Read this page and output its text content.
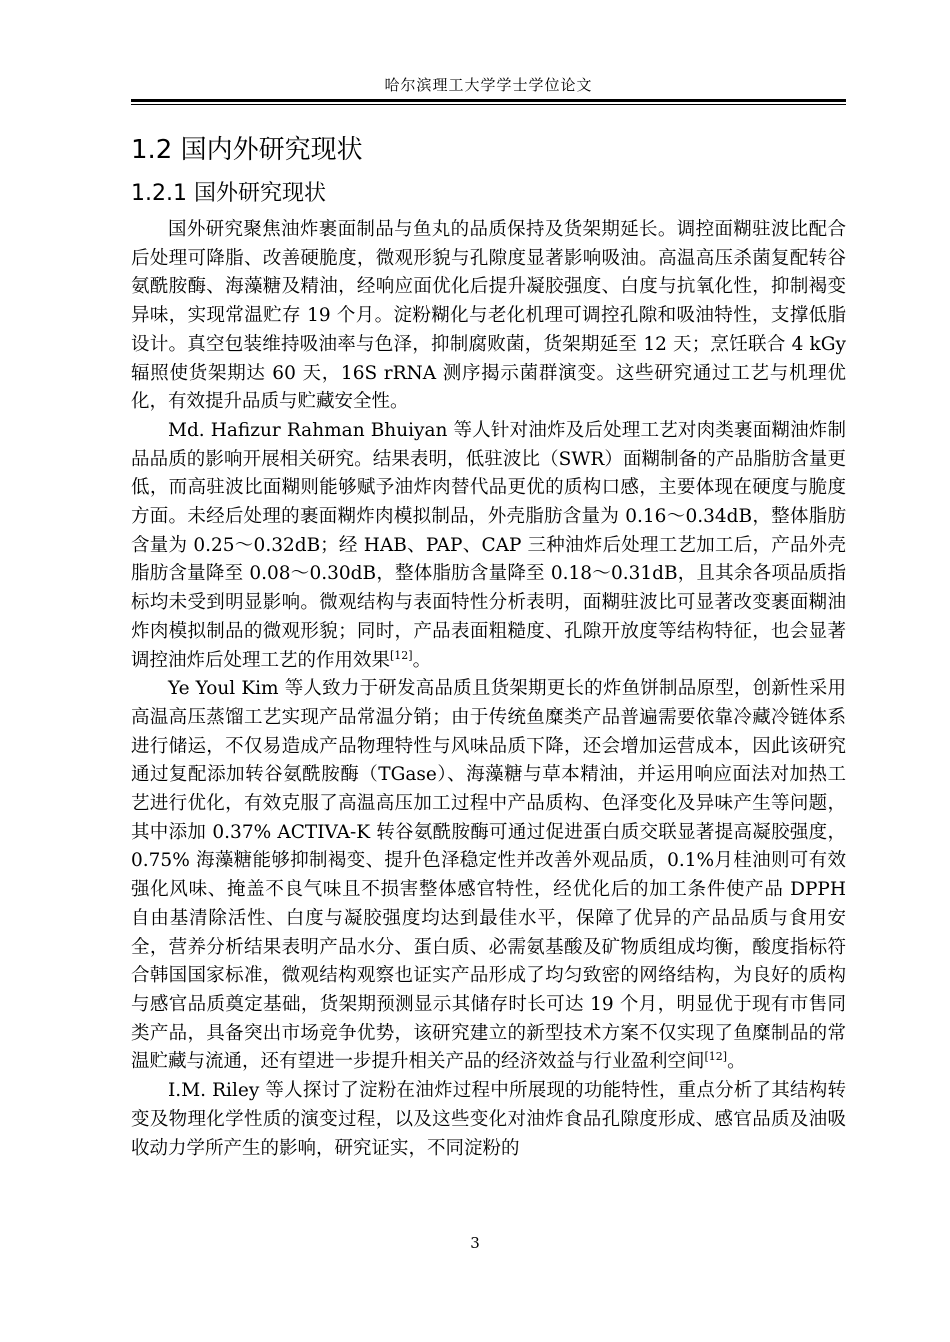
哈尔滨理工大学学士学位论文
1.2 国内外研究现状
1.2.1 国外研究现状

国外研究聚焦油炸裹面制品与鱼丸的品质保持及货架期延长。调控面糊驻波比配合后处理可降脂、改善硬脆度，微观形貌与孔隙度显著影响吸油。高温高压杀菌复配转谷氨酰胺酶、海藻糖及精油，经响应面优化后提升凝胶强度、白度与抗氧化性，抑制褐变异味，实现常温贮存 19 个月。淀粉糊化与老化机理可调控孔隙和吸油特性，支撑低脂设计。真空包装维持吸油率与色泽，抑制腐败菌，货架期延至 12 天；烹饪联合 4 kGy 辐照使货架期达 60 天，16S rRNA 测序揭示菌群演变。这些研究通过工艺与机理优化，有效提升品质与贮藏安全性。

Md. Hafizur Rahman Bhuiyan 等人针对油炸及后处理工艺对肉类裹面糊油炸制品品质的影响开展相关研究。结果表明，低驻波比（SWR）面糊制备的产品脂肪含量更低，而高驻波比面糊则能够赋予油炸肉替代品更优的质构口感，主要体现在硬度与脆度方面。未经后处理的裹面糊炸肉模拟制品，外壳脂肪含量为 0.16～0.34dB，整体脂肪含量为 0.25～0.32dB；经 HAB、PAP、CAP 三种油炸后处理工艺加工后，产品外壳脂肪含量降至 0.08～0.30dB，整体脂肪含量降至 0.18～0.31dB，且其余各项品质指标均未受到明显影响。微观结构与表面特性分析表明，面糊驻波比可显著改变裹面糊油炸肉模拟制品的微观形貌；同时，产品表面粗糙度、孔隙开放度等结构特征，也会显著调控油炸后处理工艺的作用效果[12]。

Ye Youl Kim 等人致力于研发高品质且货架期更长的炸鱼饼制品原型，创新性采用高温高压蒸馏工艺实现产品常温分销；由于传统鱼糜类产品普遍需要依靠冷藏冷链体系进行储运，不仅易造成产品物理特性与风味品质下降，还会增加运营成本，因此该研究通过复配添加转谷氨酰胺酶（TGase）、海藻糖与草本精油，并运用响应面法对加热工艺进行优化，有效克服了高温高压加工过程中产品质构、色泽变化及异味产生等问题，其中添加 0.37% ACTIVA-K 转谷氨酰胺酶可通过促进蛋白质交联显著提高凝胶强度，0.75% 海藻糖能够抑制褐变、提升色泽稳定性并改善外观品质，0.1%月桂油则可有效强化风味、掩盖不良气味且不损害整体感官特性，经优化后的加工条件使产品 DPPH 自由基清除活性、白度与凝胶强度均达到最佳水平，保障了优异的产品品质与食用安全，营养分析结果表明产品水分、蛋白质、必需氨基酸及矿物质组成均衡，酸度指标符合韩国国家标准，微观结构观察也证实产品形成了均匀致密的网络结构，为良好的质构与感官品质奠定基础，货架期预测显示其储存时长可达 19 个月，明显优于现有市售同类产品，具备突出市场竞争优势，该研究建立的新型技术方案不仅实现了鱼糜制品的常温贮藏与流通，还有望进一步提升相关产品的经济效益与行业盈利空间[12]。

I.M. Riley 等人探讨了淀粉在油炸过程中所展现的功能特性，重点分析了其结构转变及物理化学性质的演变过程，以及这些变化对油炸食品孔隙度形成、感官品质及油吸收动力学所产生的影响，研究证实，不同淀粉的

3
